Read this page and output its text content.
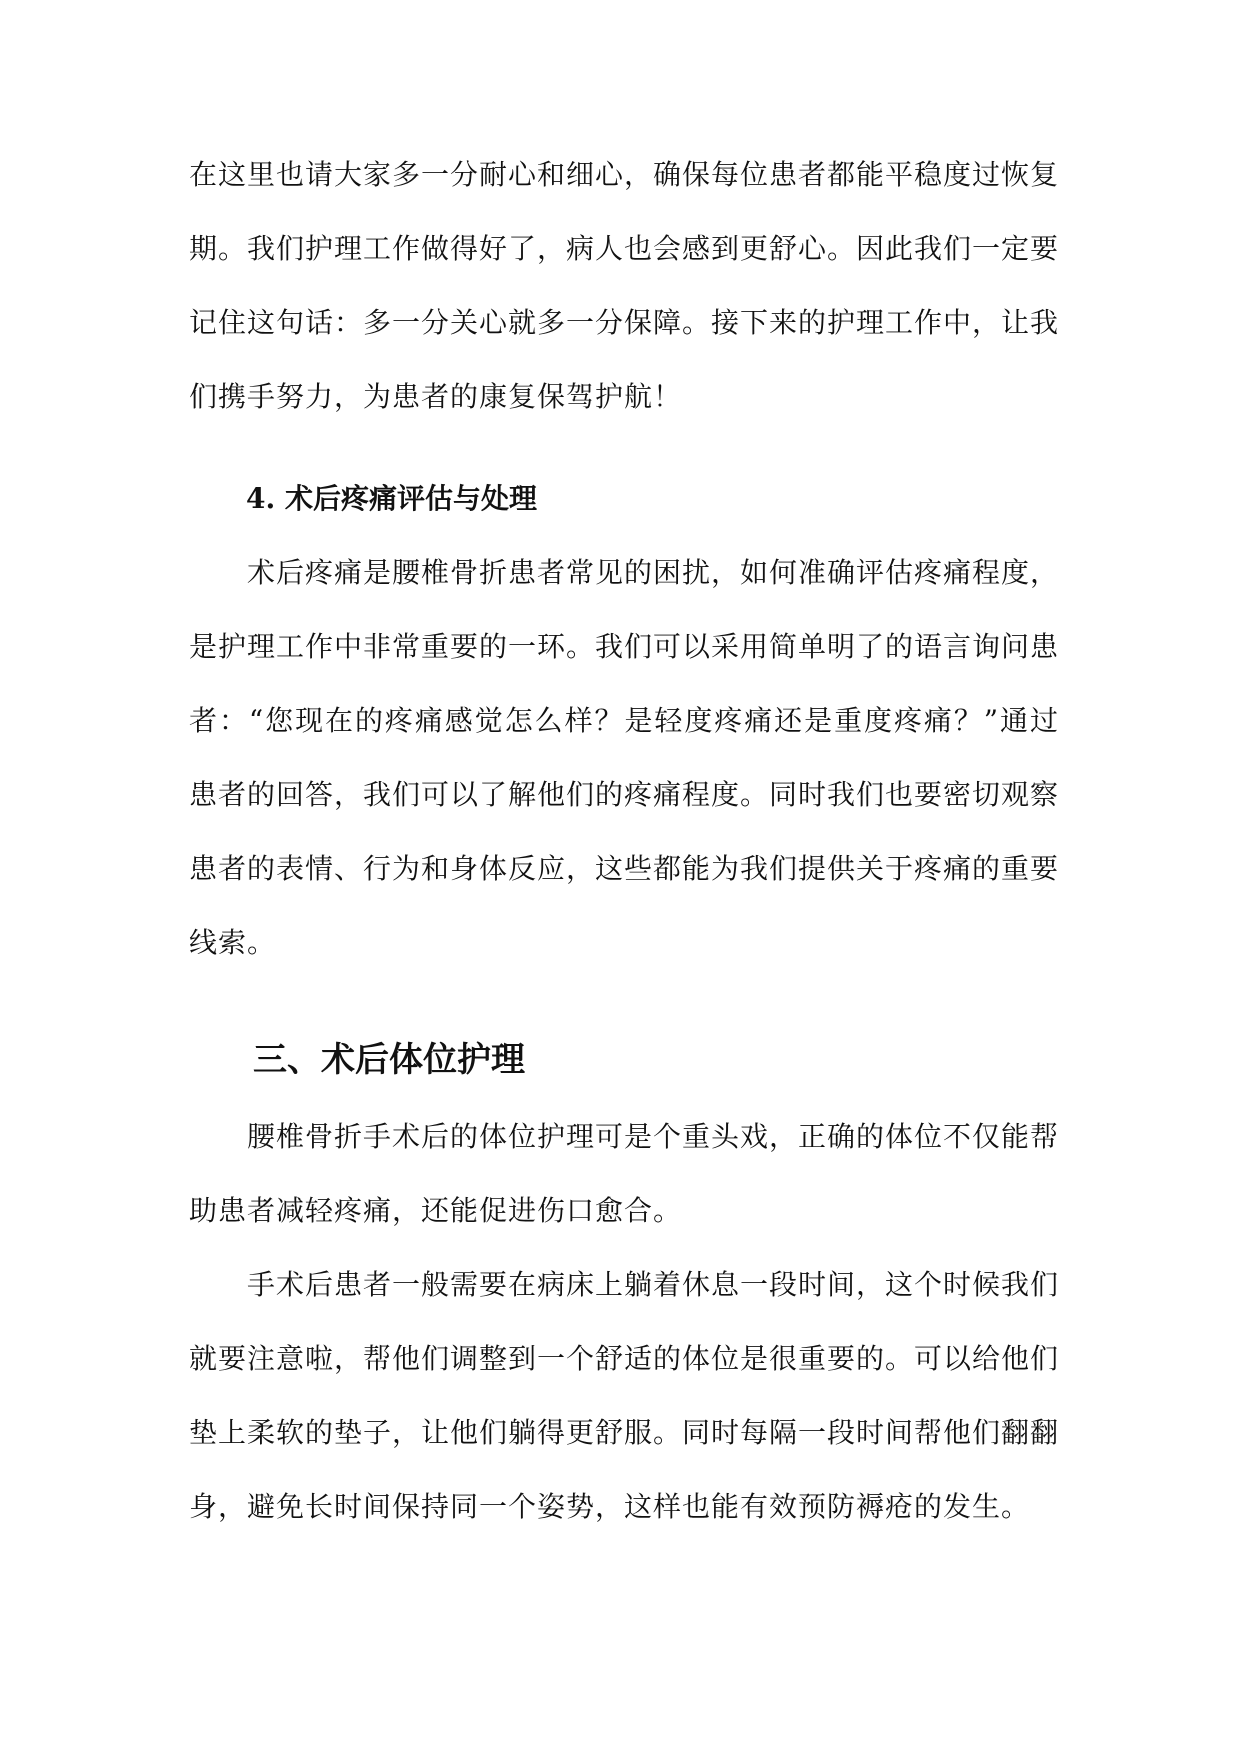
在这里也请大家多一分耐心和细心，确保每位患者都能平稳度过恢复期。我们护理工作做得好了，病人也会感到更舒心。因此我们一定要记住这句话：多一分关心就多一分保障。接下来的护理工作中，让我们携手努力，为患者的康复保驾护航！

4. 术后疼痛评估与处理

术后疼痛是腰椎骨折患者常见的困扰，如何准确评估疼痛程度，是护理工作中非常重要的一环。我们可以采用简单明了的语言询问患者：“您现在的疼痛感觉怎么样？是轻度疼痛还是重度疼痛？”通过患者的回答，我们可以了解他们的疼痛程度。同时我们也要密切观察患者的表情、行为和身体反应，这些都能为我们提供关于疼痛的重要线索。

三、术后体位护理

腰椎骨折手术后的体位护理可是个重头戏，正确的体位不仅能帮助患者减轻疼痛，还能促进伤口愈合。

手术后患者一般需要在病床上躺着休息一段时间，这个时候我们就要注意啦，帮他们调整到一个舒适的体位是很重要的。可以给他们垫上柔软的垫子，让他们躺得更舒服。同时每隔一段时间帮他们翻翻身，避免长时间保持同一个姿势，这样也能有效预防褥疮的发生。
